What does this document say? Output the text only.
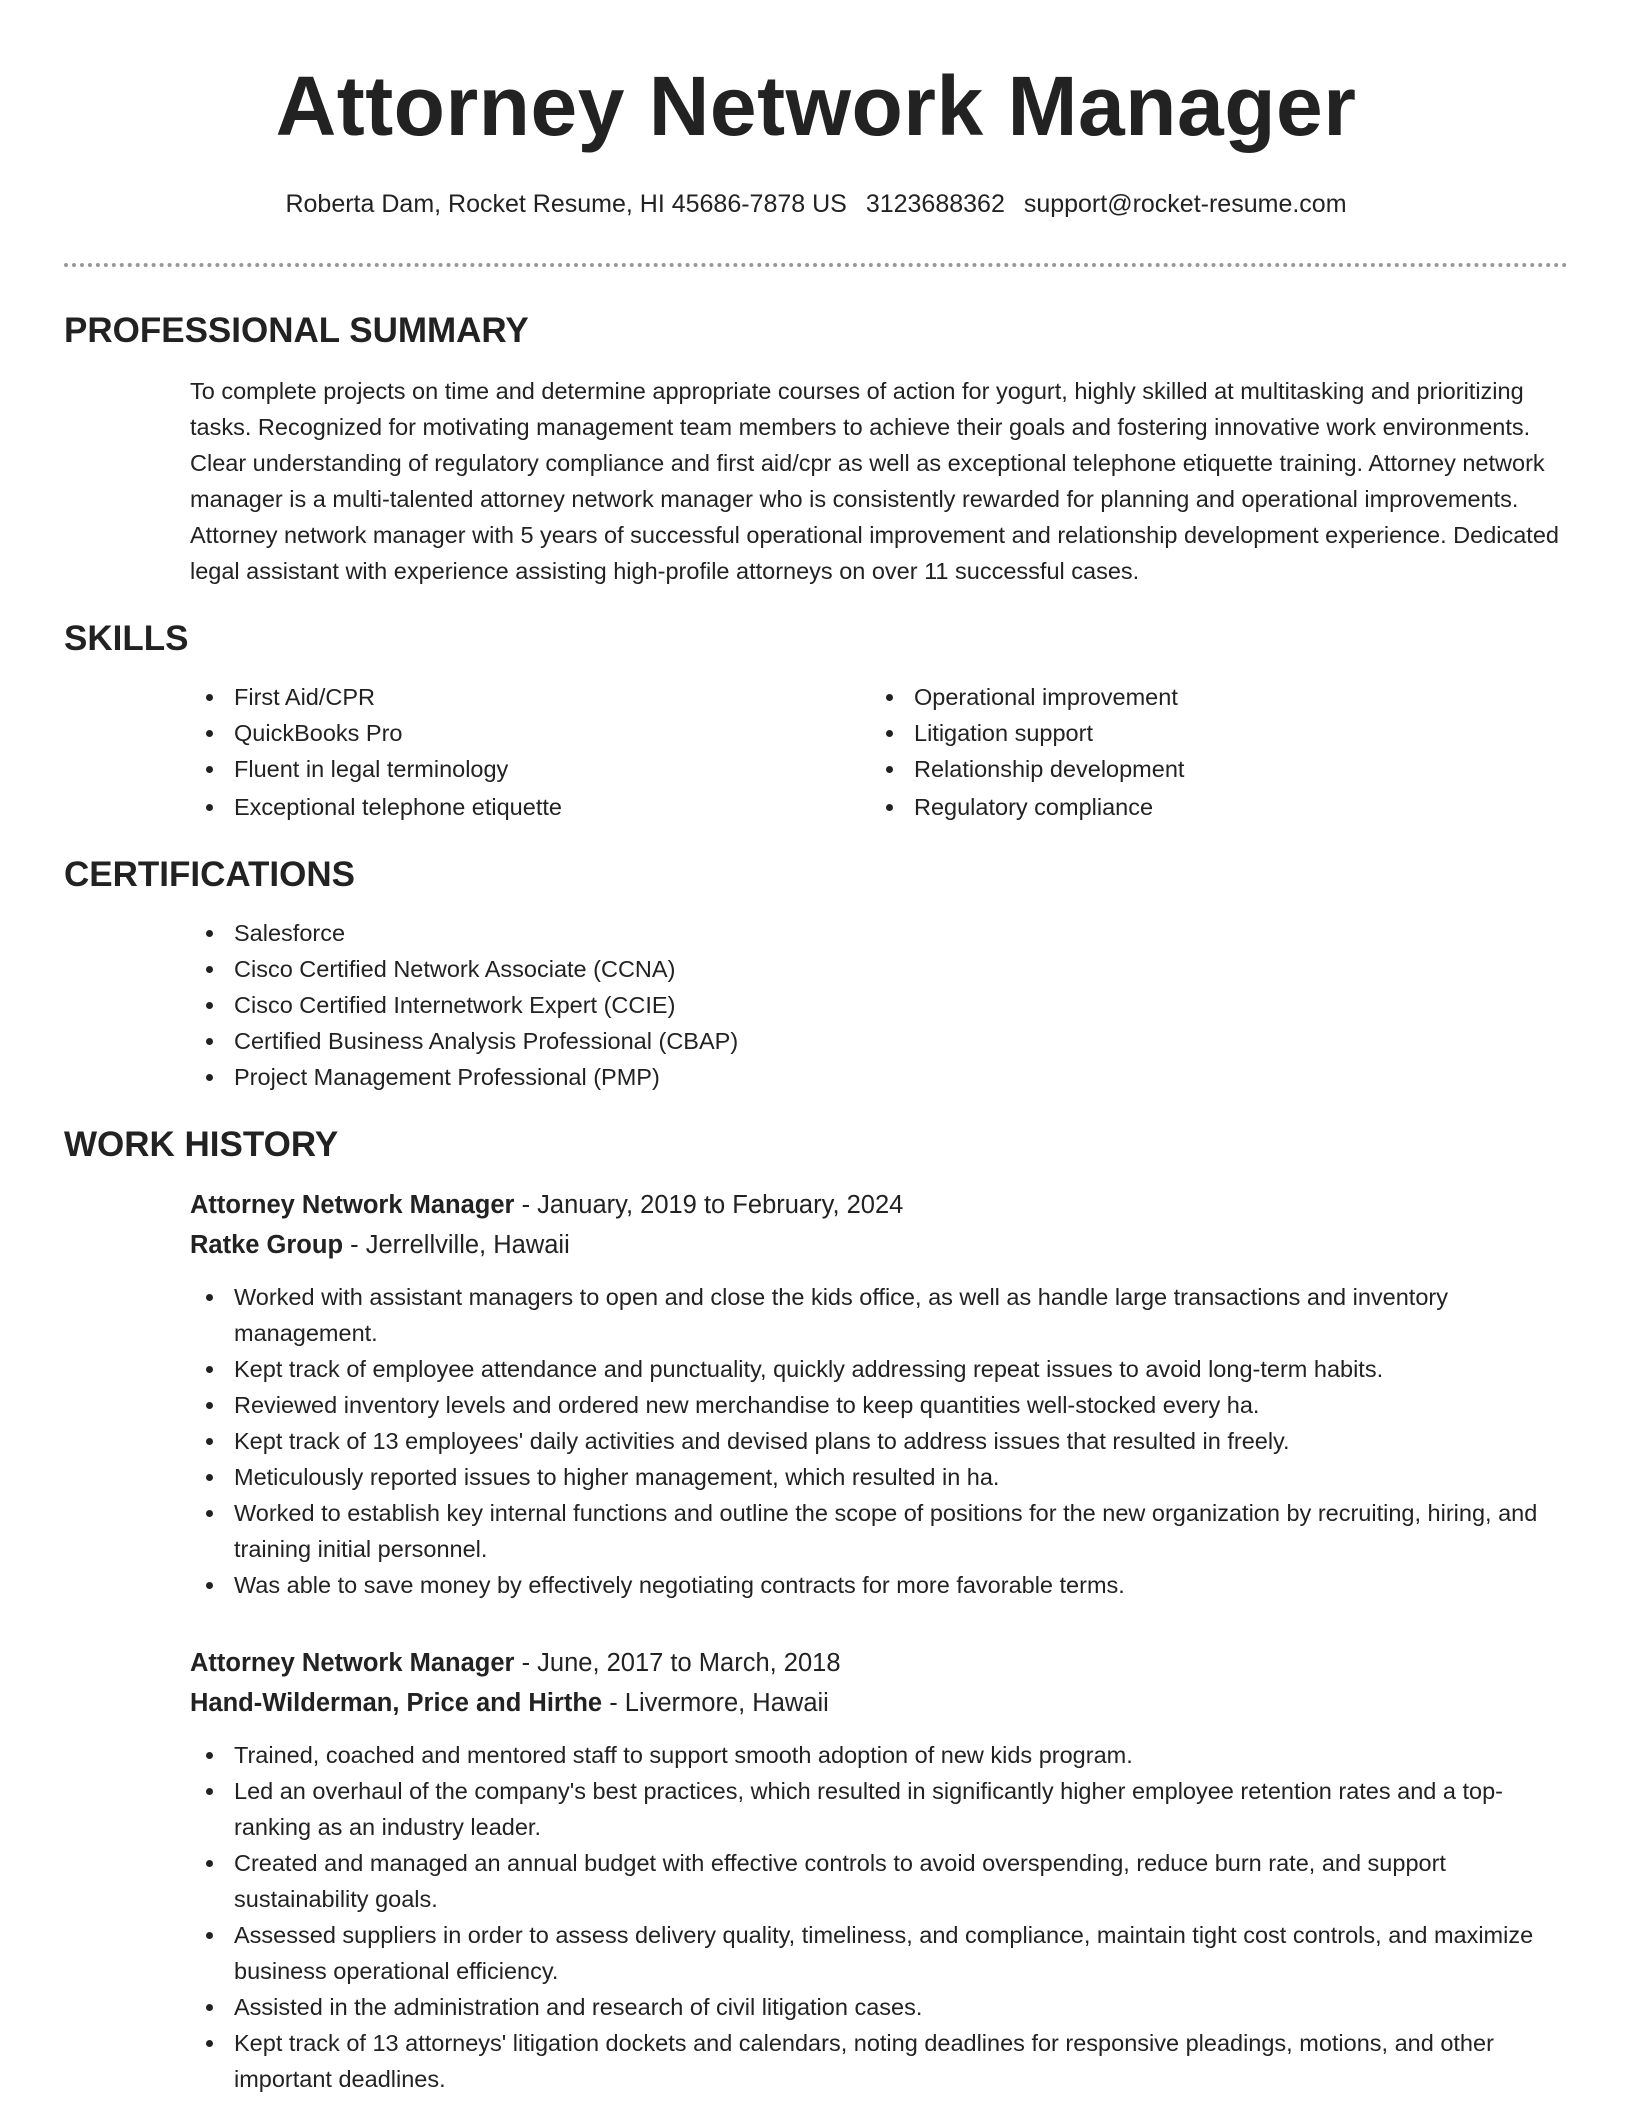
Attorney Network Manager
Roberta Dam, Rocket Resume, HI 45686-7878 US 3123688362 support@rocket-resume.com
PROFESSIONAL SUMMARY

To complete projects on time and determine appropriate courses of action for yogurt, highly skilled at multitasking and prioritizing tasks. Recognized for motivating management team members to achieve their goals and fostering innovative work environments. Clear understanding of regulatory compliance and first aid/cpr as well as exceptional telephone etiquette training. Attorney network manager is a multi-talented attorney network manager who is consistently rewarded for planning and operational improvements. Attorney network manager with 5 years of successful operational improvement and relationship development experience. Dedicated legal assistant with experience assisting high-profile attorneys on over 11 successful cases.

SKILLS
First Aid/CPR
QuickBooks Pro
Fluent in legal terminology
Exceptional telephone etiquette
Operational improvement
Litigation support
Relationship development
Regulatory compliance
CERTIFICATIONS
Salesforce
Cisco Certified Network Associate (CCNA)
Cisco Certified Internetwork Expert (CCIE)
Certified Business Analysis Professional (CBAP)
Project Management Professional (PMP)
WORK HISTORY
Attorney Network Manager - January, 2019 to February, 2024
Ratke Group - Jerrellville, Hawaii
Worked with assistant managers to open and close the kids office, as well as handle large transactions and inventory management.
Kept track of employee attendance and punctuality, quickly addressing repeat issues to avoid long-term habits.
Reviewed inventory levels and ordered new merchandise to keep quantities well-stocked every ha.
Kept track of 13 employees' daily activities and devised plans to address issues that resulted in freely.
Meticulously reported issues to higher management, which resulted in ha.
Worked to establish key internal functions and outline the scope of positions for the new organization by recruiting, hiring, and training initial personnel.
Was able to save money by effectively negotiating contracts for more favorable terms.
Attorney Network Manager - June, 2017 to March, 2018
Hand-Wilderman, Price and Hirthe - Livermore, Hawaii
Trained, coached and mentored staff to support smooth adoption of new kids program.
Led an overhaul of the company's best practices, which resulted in significantly higher employee retention rates and a top-ranking as an industry leader.
Created and managed an annual budget with effective controls to avoid overspending, reduce burn rate, and support sustainability goals.
Assessed suppliers in order to assess delivery quality, timeliness, and compliance, maintain tight cost controls, and maximize business operational efficiency.
Assisted in the administration and research of civil litigation cases.
Kept track of 13 attorneys' litigation dockets and calendars, noting deadlines for responsive pleadings, motions, and other important deadlines.
